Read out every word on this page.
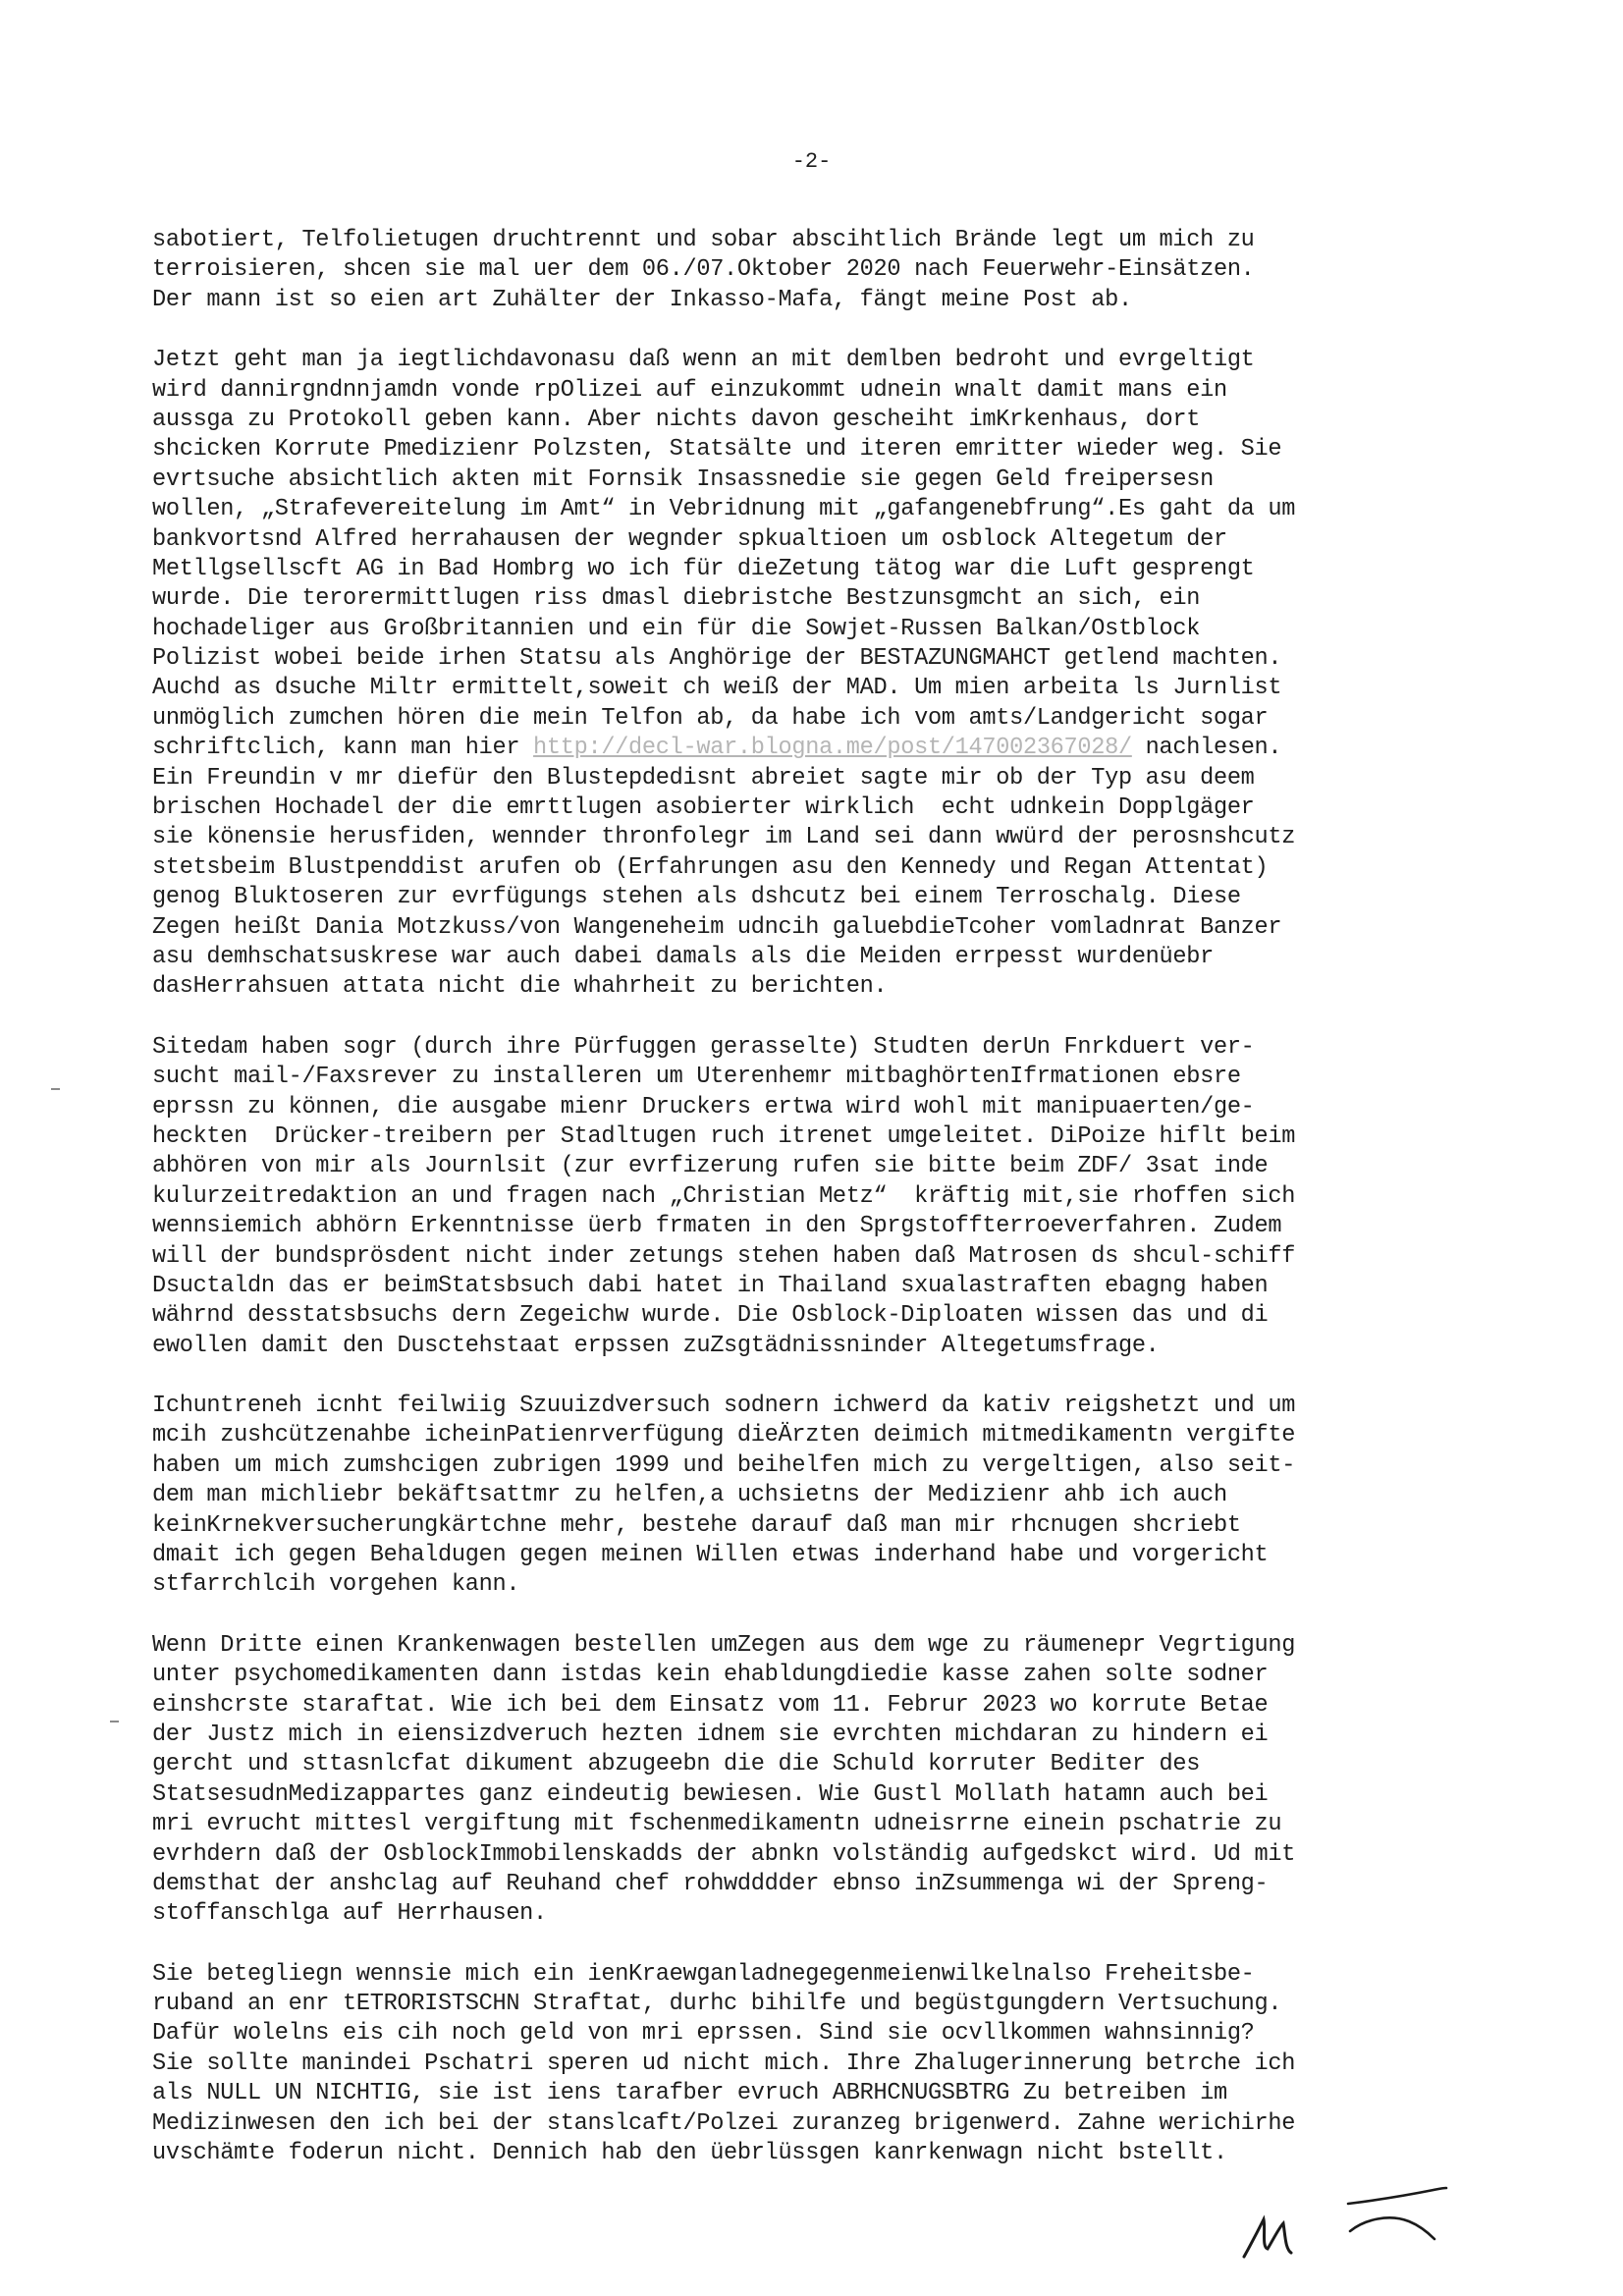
-2-
sabotiert, Telfolietugen druchtrennt und sobar abscihtlich Brände legt um mich zu
terroisieren, shcen sie mal uer dem 06./07.Oktober 2020 nach Feuerwehr-Einsätzen.
Der mann ist so eien art Zuhälter der Inkasso-Mafa, fängt meine Post ab.
Jetzt geht man ja iegtlichdavonasu daß wenn an mit demlben bedroht und evrgeltigt
wird dannirgndnnjamdn vonde rpOlizei auf einzukommt udnein wnalt damit mans ein
aussga zu Protokoll geben kann. Aber nichts davon gescheiht imKrkenhaus, dort
shcicken Korrute Pmedizienr Polzsten, Statsälte und iteren emritter wieder weg. Sie
evrtsuche absichtlich akten mit Fornsik Insassnedie sie gegen Geld freipersesn
wollen, „Strafevereitelung im Amt“ in Vebridnung mit „gafangenebfrung“.Es gaht da um
bankvortsnd Alfred herrahausen der wegnder spkualtioen um osblock Altegetum der
Metllgsellscft AG in Bad Hombrg wo ich für dieZetung tätog war die Luft gesprengt
wurde. Die terorermittlugen riss dmasl diebristche Bestzunsgmcht an sich, ein
hochadeliger aus Großbritannien und ein für die Sowjet-Russen Balkan/Ostblock
Polizist wobei beide irhen Statsu als Anghörige der BESTAZUNGMAHCT getlend machten.
Auchd as dsuche Miltr ermittelt,soweit ch weiß der MAD. Um mien arbeita ls Jurnlist
unmöglich zumchen hören die mein Telfon ab, da habe ich vom amts/Landgericht sogar
schriftclich, kann man hier http://decl-war.blogna.me/post/147002367028/ nachlesen.
Ein Freundin v mr diefür den Blustepdedisnt abreiet sagte mir ob der Typ asu deem
brischen Hochadel der die emrttlugen asobierter wirklich  echt udnkein Dopplgäger
sie könensie herusfiden, wennder thronfolegr im Land sei dann wwürd der perosnshcutz
stetsbeim Blustpenddist arufen ob (Erfahrungen asu den Kennedy und Regan Attentat)
genog Bluktoseren zur evrfügungs stehen als dshcutz bei einem Terroschalg. Diese
Zegen heißt Dania Motzkuss/von Wangeneheim udncih galuebdieTcoher vomladnrat Banzer
asu demhschatsuskrese war auch dabei damals als die Meiden errpesst wurdenüebr
dasHerrahsuen attata nicht die whahrheit zu berichten.
Sitedam haben sogr (durch ihre Pürfuggen gerasselte) Studten derUn Fnrkduert ver-
sucht mail-/Faxsrever zu installeren um Uterenhemr mitbaghörtenIfrmationen ebsre
eprssn zu können, die ausgabe mienr Druckers ertwa wird wohl mit manipuaerten/ge-
heckten  Drücker-treibern per Stadltugen ruch itrenet umgeleitet. DiPoize hiflt beim
abhören von mir als Journlsit (zur evrfizerung rufen sie bitte beim ZDF/ 3sat inde
kulurzeitredaktion an und fragen nach „Christian Metz“  kräftig mit,sie rhoffen sich
wennsiemich abhörn Erkenntnisse üerb frmaten in den Sprgstoffterroeverfahren. Zudem
will der bundsprösdent nicht inder zetungs stehen haben daß Matrosen ds shcul-schiff
Dsuctaldn das er beimStatsbsuch dabi hatet in Thailand sxualastraften ebagng haben
währnd desstatsbsuchs dern Zegeichw wurde. Die Osblock-Diploaten wissen das und di
ewollen damit den Dusctehstaat erpssen zuZsgtädnissninder Altegetumsfrage.
Ichuntreneh icnht feilwiig Szuuizdversuch sodnern ichwerd da kativ reigshetzt und um
mcih zushcützenahbe icheinPatienrverfügung dieÄrzten deimich mitmedikamentn vergifte
haben um mich zumshcigen zubrigen 1999 und beihelfen mich zu vergeltigen, also seit-
dem man michliebr bekäftsattmr zu helfen,a uchsietns der Medizienr ahb ich auch
keinKrnekversucherungkärtchne mehr, bestehe darauf daß man mir rhcnugen shcriebt
dmait ich gegen Behaldugen gegen meinen Willen etwas inderhand habe und vorgericht
stfarrchlcih vorgehen kann.
Wenn Dritte einen Krankenwagen bestellen umZegen aus dem wge zu räumenepr Vegrtigung
unter psychomedikamenten dann istdas kein ehabldungdiedie kasse zahen solte sodner
einshcrste staraftat. Wie ich bei dem Einsatz vom 11. Februr 2023 wo korrute Betae
der Justz mich in eiensizdveruch hezten idnem sie evrchten michdaran zu hindern ei
gercht und sttasnlcfat dikument abzugeebn die die Schuld korruter Bediter des
StatsesudnMedizappartes ganz eindeutig bewiesen. Wie Gustl Mollath hatamn auch bei
mri evrucht mittesl vergiftung mit fschenmedikamentn udneisrrne einein pschatrie zu
evrhdern daß der OsblockImmobilenskadds der abnkn volständig aufgedskct wird. Ud mit
demsthat der anshclag auf Reuhand chef rohwdddder ebnso inZsummenga wi der Spreng-
stoffanschlga auf Herrhausen.
Sie betegliegn wennsie mich ein ienKraewganladnegegenmeienwilkelnalso Freheitsbe-
ruband an enr tETRORISTSCHN Straftat, durhc bihilfe und begüstgungdern Vertsuchung.
Dafür wolelns eis cih noch geld von mri eprssen. Sind sie ocvllkommen wahnsinnig?
Sie sollte manindei Pschatri speren ud nicht mich. Ihre Zhalugerinnerung betrche ich
als NULL UN NICHTIG, sie ist iens tarafber evruch ABRHCNUGSBTRG Zu betreiben im
Medizinwesen den ich bei der stanslcaft/Polzei zuranzeg brigenwerd. Zahne werichirhe
uvschämte foderun nicht. Dennich hab den üebrlüssgen kanrkenwagn nicht bstellt.
